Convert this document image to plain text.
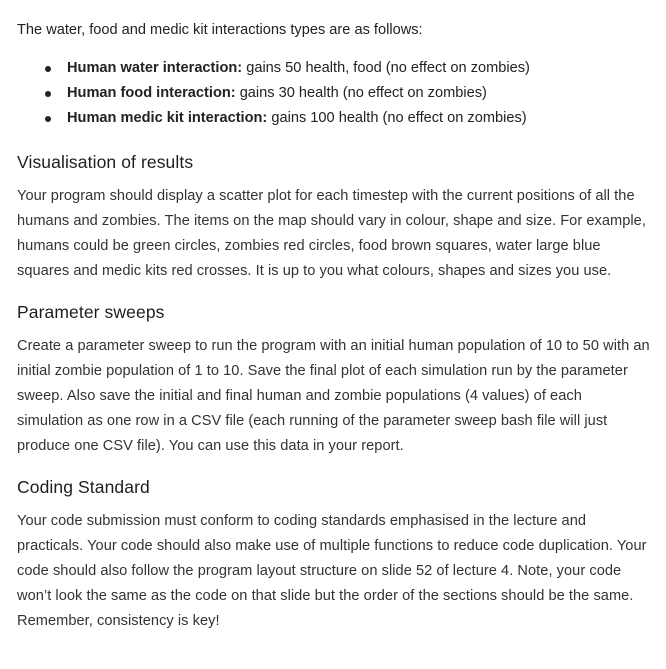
The water, food and medic kit interactions types are as follows:

Human water interaction: gains 50 health, food (no effect on zombies)
Human food interaction: gains 30 health (no effect on zombies)
Human medic kit interaction: gains 100 health (no effect on zombies)
Visualisation of results

Your program should display a scatter plot for each timestep with the current positions of all the humans and zombies. The items on the map should vary in colour, shape and size. For example, humans could be green circles, zombies red circles, food brown squares, water large blue squares and medic kits red crosses. It is up to you what colours, shapes and sizes you use.

Parameter sweeps

Create a parameter sweep to run the program with an initial human population of 10 to 50 with an initial zombie population of 1 to 10. Save the final plot of each simulation run by the parameter sweep. Also save the initial and final human and zombie populations (4 values) of each simulation as one row in a CSV file (each running of the parameter sweep bash file will just produce one CSV file). You can use this data in your report.

Coding Standard

Your code submission must conform to coding standards emphasised in the lecture and practicals. Your code should also make use of multiple functions to reduce code duplication. Your code should also follow the program layout structure on slide 52 of lecture 4. Note, your code won’t look the same as the code on that slide but the order of the sections should be the same. Remember, consistency is key!
